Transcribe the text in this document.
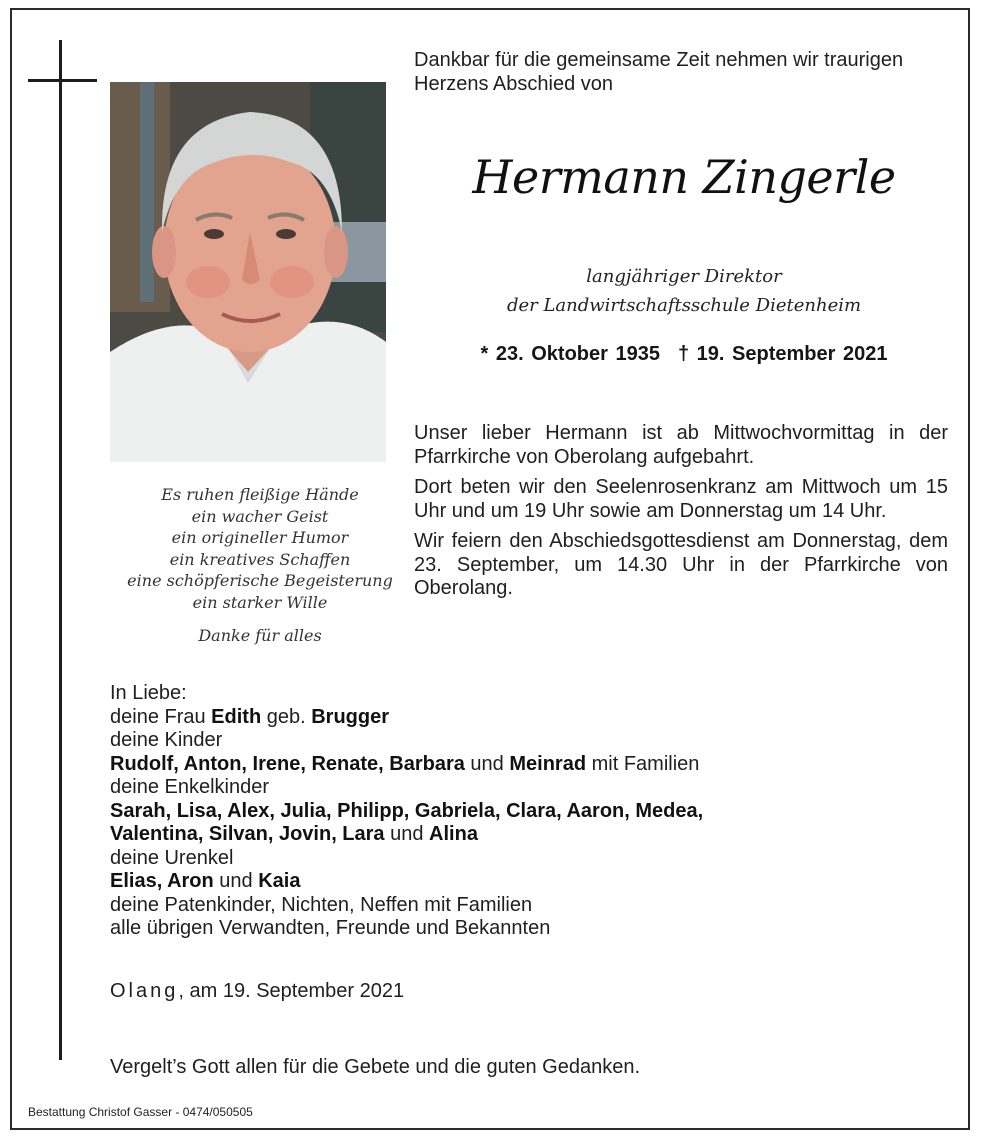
Es ruhen fleißige Hände
ein wacher Geist
ein origineller Humor
ein kreatives Schaffen
eine schöpferische Begeisterung
ein starker Wille
Danke für alles
Dankbar für die gemeinsame Zeit nehmen wir traurigen Herzens Abschied von
Hermann Zingerle
langjähriger Direktor
der Landwirtschaftsschule Dietenheim
* 23. Oktober 1935 † 19. September 2021

Unser lieber Hermann ist ab Mittwochvormittag in der Pfarrkirche von Oberolang aufgebahrt.

Dort beten wir den Seelenrosenkranz am Mittwoch um 15 Uhr und um 19 Uhr sowie am Donnerstag um 14 Uhr.

Wir feiern den Abschiedsgottesdienst am Donnerstag, dem 23. September, um 14.30 Uhr in der Pfarrkirche von Oberolang.

In Liebe:
deine Frau Edith geb. Brugger
deine Kinder
Rudolf, Anton, Irene, Renate, Barbara und Meinrad mit Familien
deine Enkelkinder
Sarah, Lisa, Alex, Julia, Philipp, Gabriela, Clara, Aaron, Medea,
Valentina, Silvan, Jovin, Lara und Alina
deine Urenkel
Elias, Aron und Kaia
deine Patenkinder, Nichten, Neffen mit Familien
alle übrigen Verwandten, Freunde und Bekannten
Olang, am 19. September 2021
Vergelt’s Gott allen für die Gebete und die guten Gedanken.
Bestattung Christof Gasser - 0474/050505
